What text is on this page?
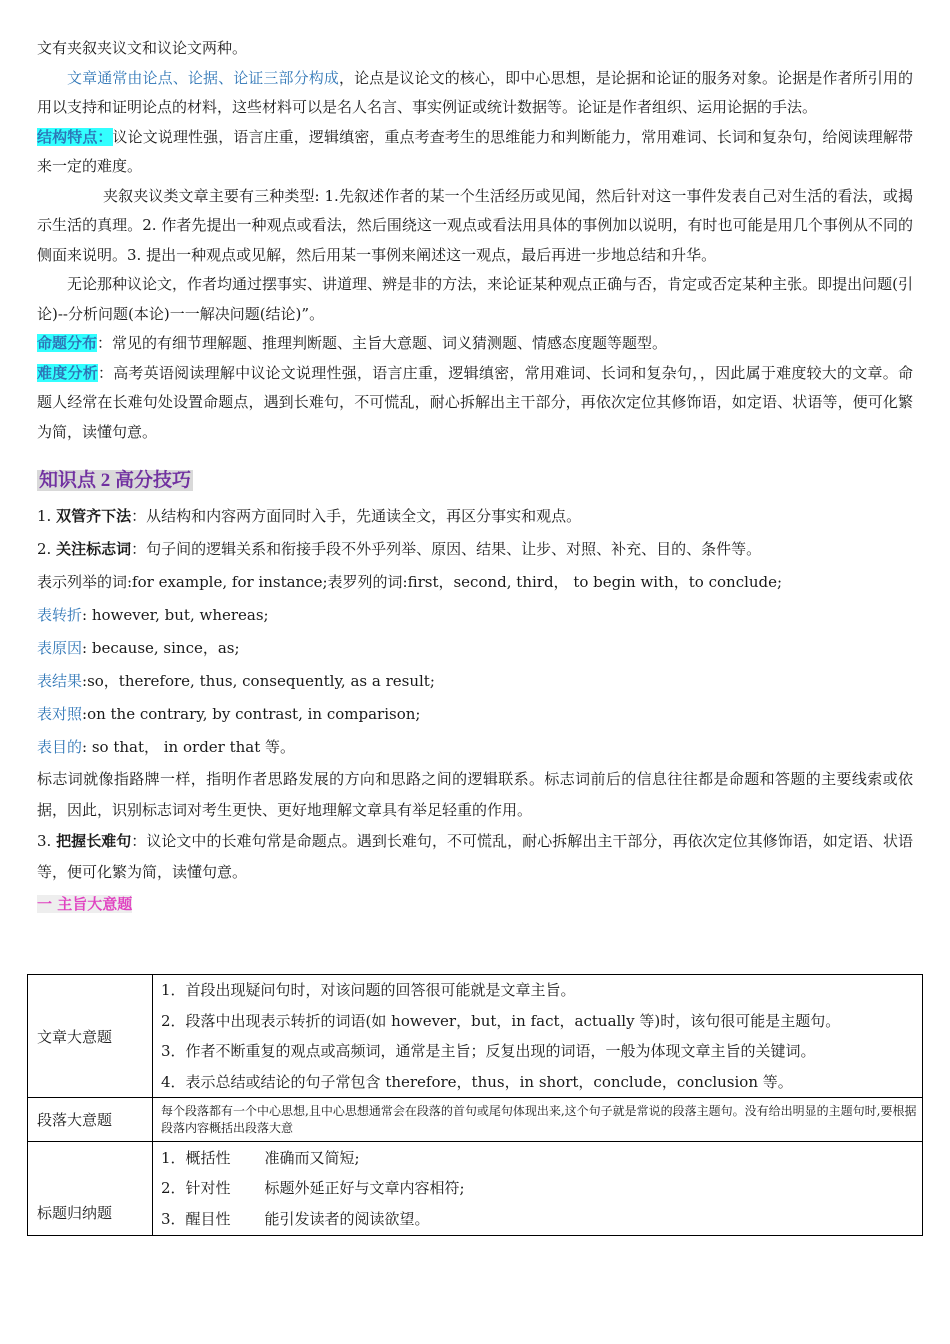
文有夹叙夹议文和议论文两种。

文章通常由论点、论据、论证三部分构成，论点是议论文的核心，即中心思想，是论据和论证的服务对象。论据是作者所引用的用以支持和证明论点的材料，这些材料可以是名人名言、事实例证或统计数据等。论证是作者组织、运用论据的手法。

结构特点：议论文说理性强，语言庄重，逻辑缜密，重点考查考生的思维能力和判断能力，常用难词、长词和复杂句，给阅读理解带来一定的难度。

夹叙夹议类文章主要有三种类型: 1.先叙述作者的某一个生活经历或见闻，然后针对这一事件发表自己对生活的看法，或揭示生活的真理。2. 作者先提出一种观点或看法，然后围绕这一观点或看法用具体的事例加以说明，有时也可能是用几个事例从不同的侧面来说明。3. 提出一种观点或见解，然后用某一事例来阐述这一观点，最后再进一步地总结和升华。

无论那种议论文，作者均通过摆事实、讲道理、辨是非的方法，来论证某种观点正确与否，肯定或否定某种主张。即提出问题(引论)--分析问题(本论)一一解决问题(结论)”。

命题分布：常见的有细节理解题、推理判断题、主旨大意题、词义猜测题、情感态度题等题型。

难度分析：高考英语阅读理解中议论文说理性强，语言庄重，逻辑缜密，常用难词、长词和复杂句，，因此属于难度较大的文章。命题人经常在长难句处设置命题点，遇到长难句，不可慌乱，耐心拆解出主干部分，再依次定位其修饰语，如定语、状语等，便可化繁为简，读懂句意。

知识点 2 高分技巧

1. 双管齐下法：从结构和内容两方面同时入手，先通读全文，再区分事实和观点。

2. 关注标志词：句子间的逻辑关系和衔接手段不外乎列举、原因、结果、让步、对照、补充、目的、条件等。

表示列举的词:for example, for instance;表罗列的词:first，second, third， to begin with，to conclude;

表转折: however, but, whereas;

表原因: because, since，as;

表结果:so，therefore, thus, consequently, as a result;

表对照:on the contrary, by contrast, in comparison;

表目的: so that， in order that 等。

标志词就像指路牌一样，指明作者思路发展的方向和思路之间的逻辑联系。标志词前后的信息往往都是命题和答题的主要线索或依据，因此，识别标志词对考生更快、更好地理解文章具有举足轻重的作用。

3. 把握长难句：议论文中的长难句常是命题点。遇到长难句，不可慌乱，耐心拆解出主干部分，再依次定位其修饰语，如定语、状语等，便可化繁为简，读懂句意。

一 主旨大意题

文章大意题	1．首段出现疑问句时，对该问题的回答很可能就是文章主旨。
2．段落中出现表示转折的词语(如 however，but，in fact，actually 等)时，该句很可能是主题句。
3．作者不断重复的观点或高频词，通常是主旨；反复出现的词语，一般为体现文章主旨的关键词。
4．表示总结或结论的句子常包含 therefore，thus，in short，conclude，conclusion 等。

段落大意题	每个段落都有一个中心思想,且中心思想通常会在段落的首句或尾句体现出来,这个句子就是常说的段落主题句。没有给出明显的主题句时,要根据段落内容概括出段落大意
标题归纳题	1．概括性 准确而又简短;
2．针对性 标题外延正好与文章内容相符;
3．醒目性 能引发读者的阅读欲望。
